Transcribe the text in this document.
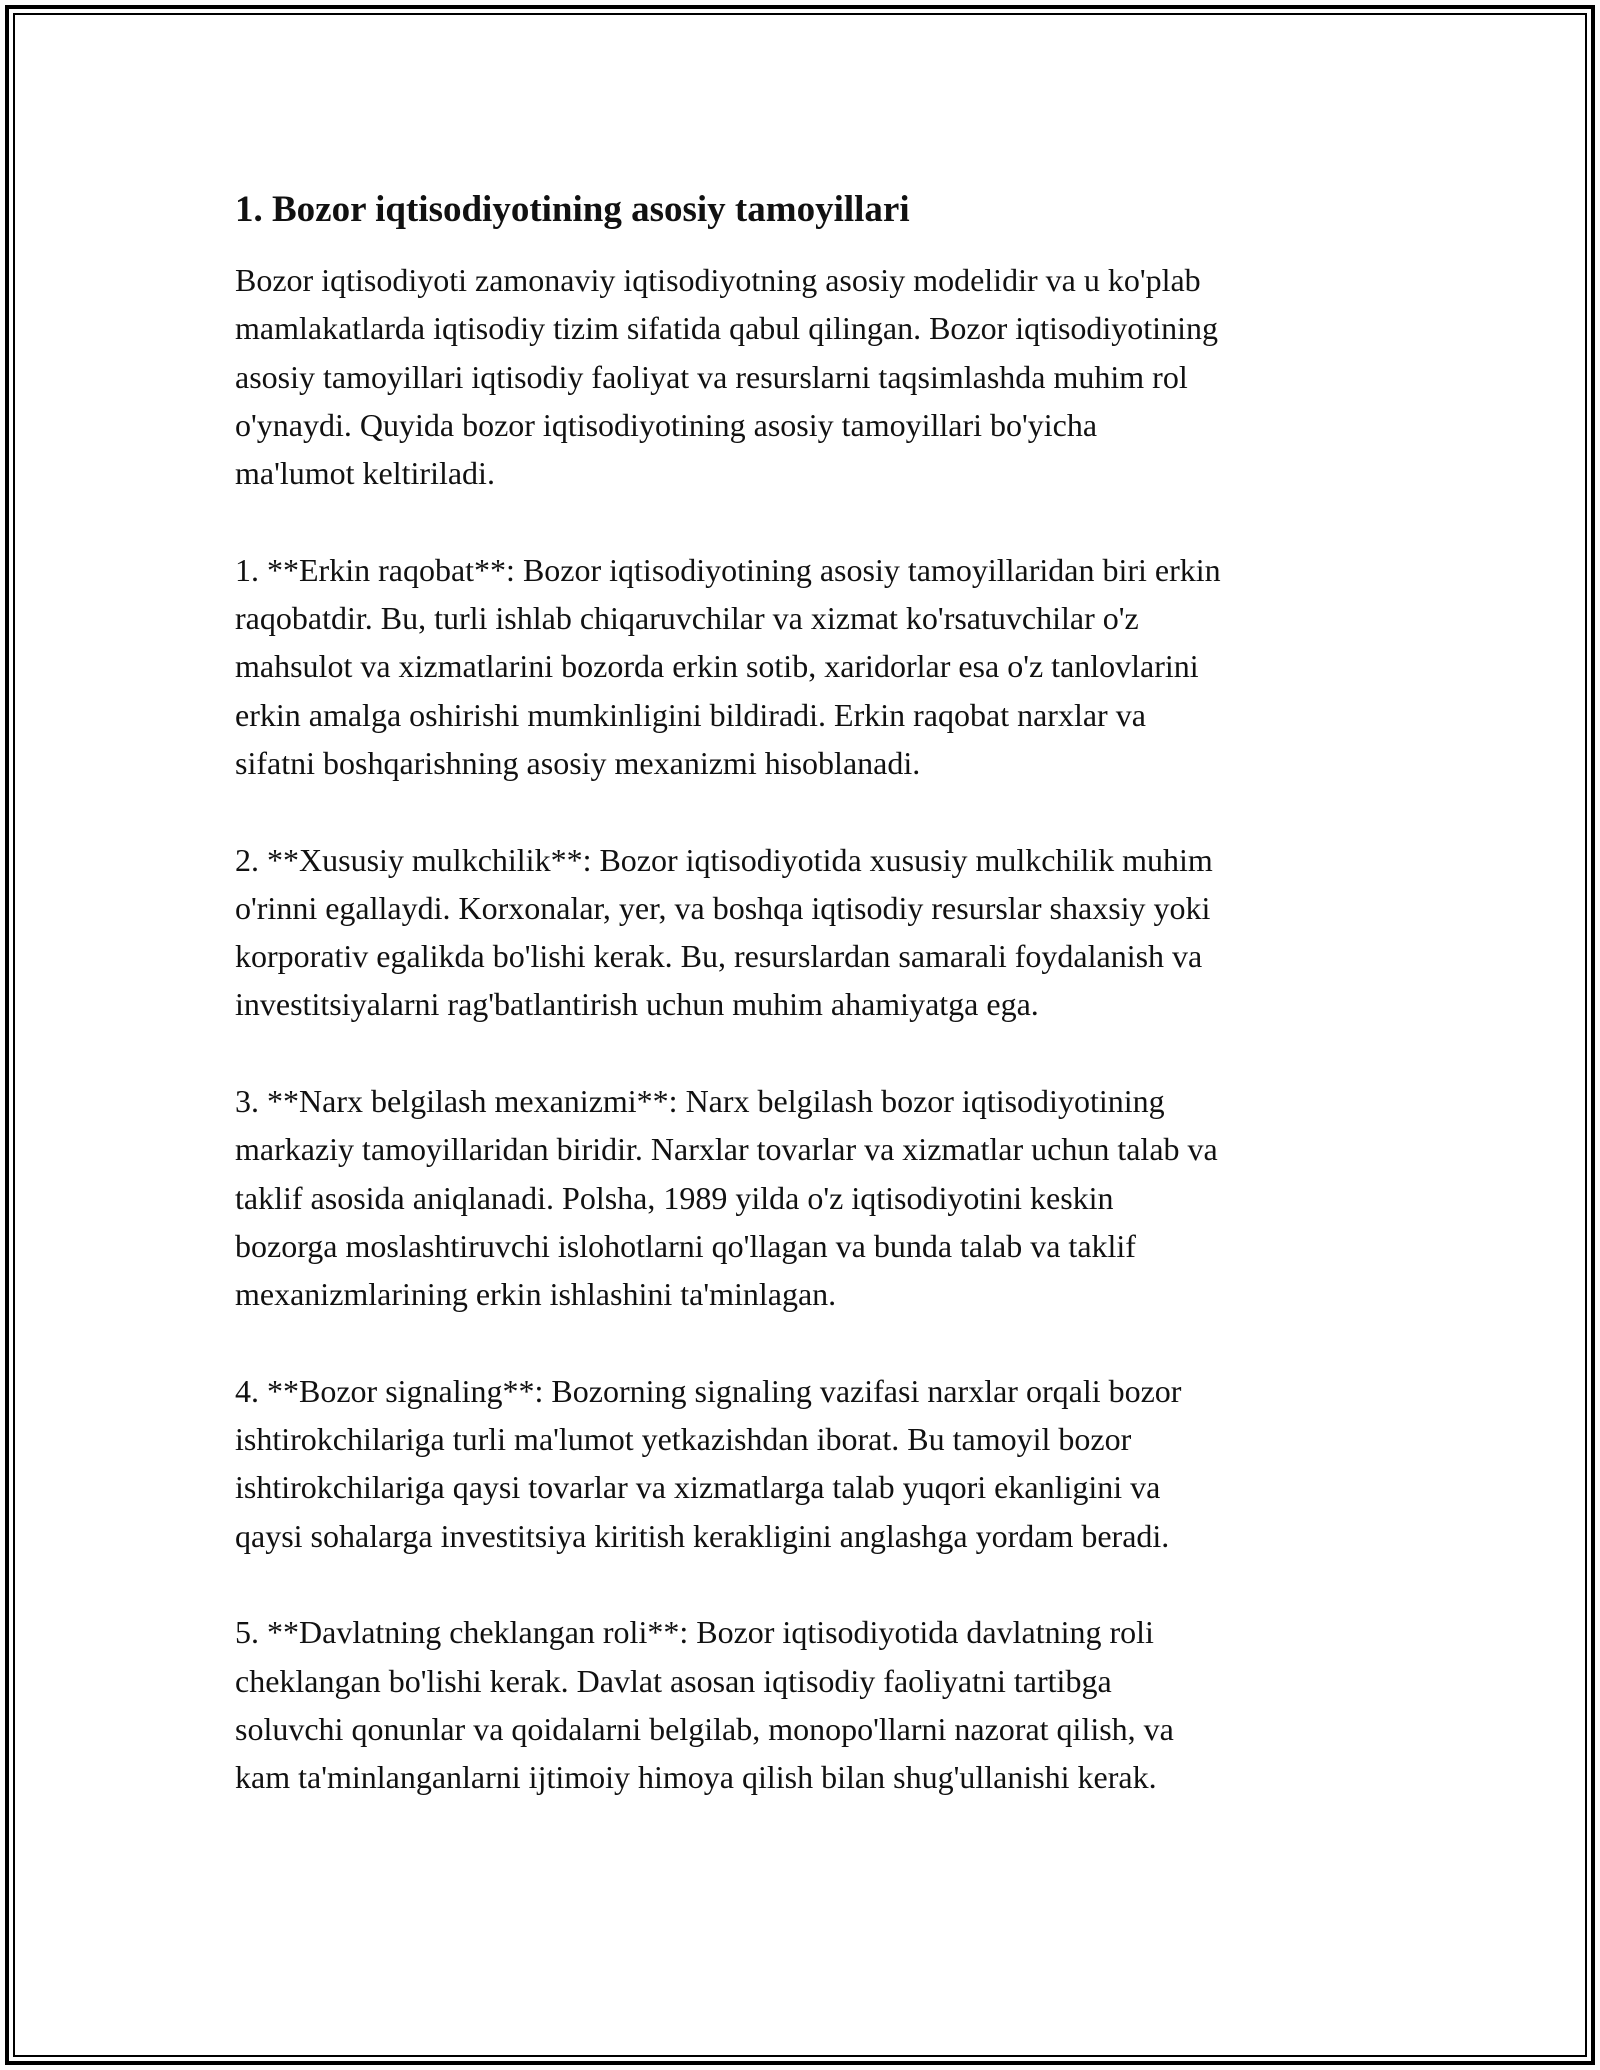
1. Bozor iqtisodiyotining asosiy tamoyillari

Bozor iqtisodiyoti zamonaviy iqtisodiyotning asosiy modelidir va u ko'plab
mamlakatlarda iqtisodiy tizim sifatida qabul qilingan. Bozor iqtisodiyotining
asosiy tamoyillari iqtisodiy faoliyat va resurslarni taqsimlashda muhim rol
o'ynaydi. Quyida bozor iqtisodiyotining asosiy tamoyillari bo'yicha
ma'lumot keltiriladi.

1. **Erkin raqobat**: Bozor iqtisodiyotining asosiy tamoyillaridan biri erkin
raqobatdir. Bu, turli ishlab chiqaruvchilar va xizmat ko'rsatuvchilar o'z
mahsulot va xizmatlarini bozorda erkin sotib, xaridorlar esa o'z tanlovlarini
erkin amalga oshirishi mumkinligini bildiradi. Erkin raqobat narxlar va
sifatni boshqarishning asosiy mexanizmi hisoblanadi.

2. **Xususiy mulkchilik**: Bozor iqtisodiyotida xususiy mulkchilik muhim
o'rinni egallaydi. Korxonalar, yer, va boshqa iqtisodiy resurslar shaxsiy yoki
korporativ egalikda bo'lishi kerak. Bu, resurslardan samarali foydalanish va
investitsiyalarni rag'batlantirish uchun muhim ahamiyatga ega.

3. **Narx belgilash mexanizmi**: Narx belgilash bozor iqtisodiyotining
markaziy tamoyillaridan biridir. Narxlar tovarlar va xizmatlar uchun talab va
taklif asosida aniqlanadi. Polsha, 1989 yilda o'z iqtisodiyotini keskin
bozorga moslashtiruvchi islohotlarni qo'llagan va bunda talab va taklif
mexanizmlarining erkin ishlashini ta'minlagan.

4. **Bozor signaling**: Bozorning signaling vazifasi narxlar orqali bozor
ishtirokchilariga turli ma'lumot yetkazishdan iborat. Bu tamoyil bozor
ishtirokchilariga qaysi tovarlar va xizmatlarga talab yuqori ekanligini va
qaysi sohalarga investitsiya kiritish kerakligini anglashga yordam beradi.

5. **Davlatning cheklangan roli**: Bozor iqtisodiyotida davlatning roli
cheklangan bo'lishi kerak. Davlat asosan iqtisodiy faoliyatni tartibga
soluvchi qonunlar va qoidalarni belgilab, monopo'llarni nazorat qilish, va
kam ta'minlanganlarni ijtimoiy himoya qilish bilan shug'ullanishi kerak.
